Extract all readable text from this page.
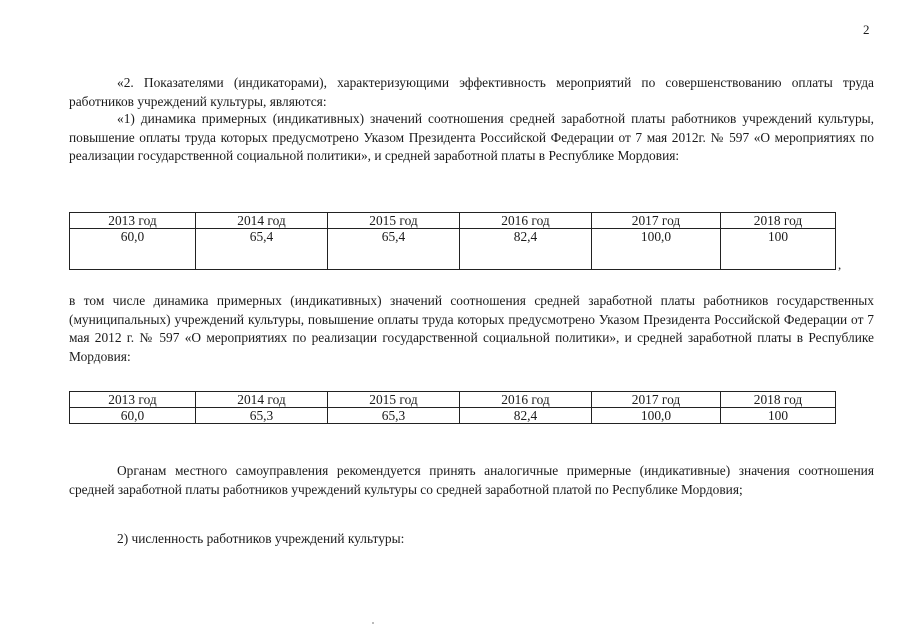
2

«2. Показателями (индикаторами), характеризующими эффективность мероприятий по совершенствованию оплаты труда работников учреждений культуры, являются:

«1) динамика примерных (индикативных) значений соотношения средней заработной платы работников учреждений культуры, повышение оплаты труда которых предусмотрено Указом Президента Российской Федерации от 7 мая 2012г. № 597 «О мероприятиях по реализации государственной социальной политики», и средней заработной платы в Республике Мордовия:

2013 год	2014 год	2015 год	2016 год	2017 год	2018 год
60,0	65,4	65,4	82,4	100,0	100
,

в том числе динамика примерных (индикативных) значений соотношения средней заработной платы работников государственных (муниципальных) учреждений культуры, повышение оплаты труда которых предусмотрено Указом Президента Российской Федерации от 7 мая 2012 г. № 597 «О мероприятиях по реализации государственной социальной политики», и средней заработной платы в Республике Мордовия:

2013 год	2014 год	2015 год	2016 год	2017 год	2018 год
60,0	65,3	65,3	82,4	100,0	100

Органам местного самоуправления рекомендуется принять аналогичные примерные (индикативные) значения соотношения средней заработной платы работников учреждений культуры со средней заработной платой по Республике Мордовия;

2) численность работников учреждений культуры:
